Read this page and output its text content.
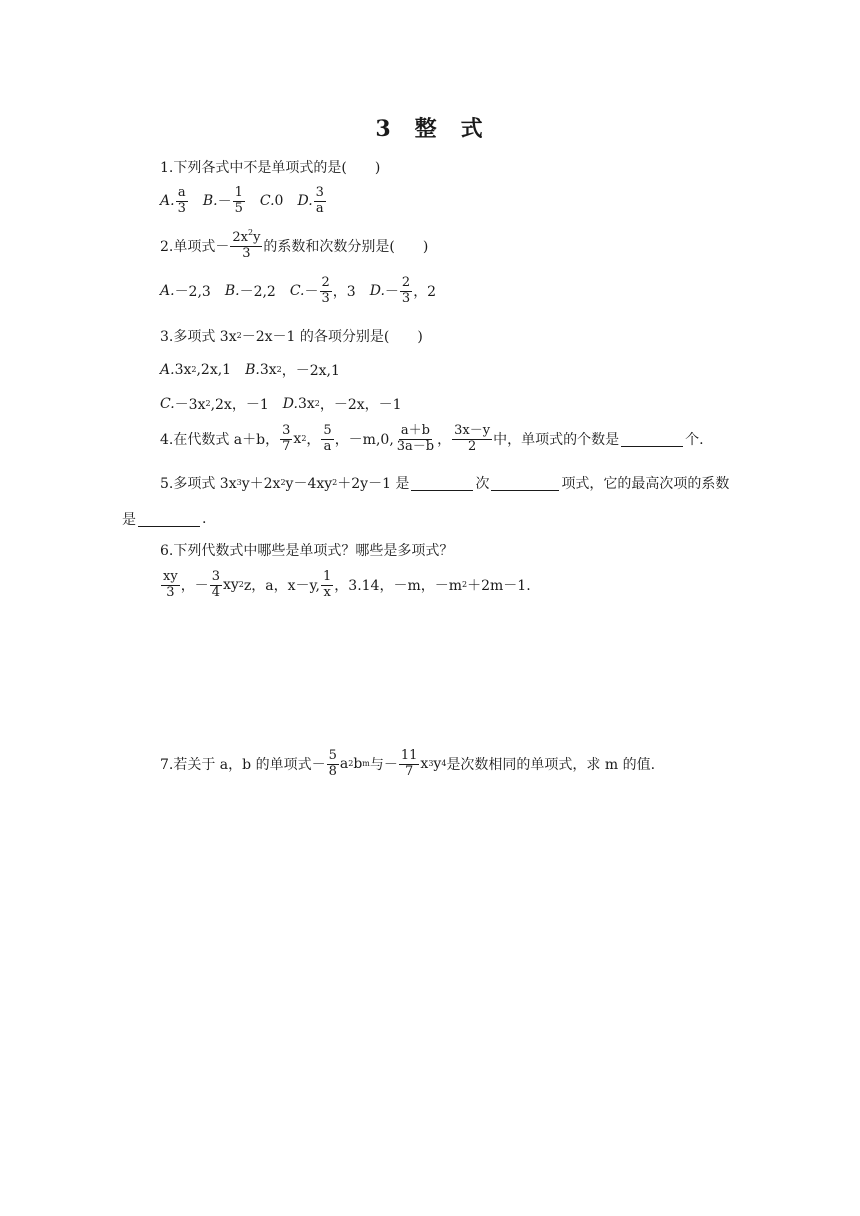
3 整 式
1.下列各式中不是单项式的是(　　)
A. $\frac{a}{3} B$. － $\frac{1}{5} C$. 0 D. $\frac{3}{a}$
2.单项式－ $\frac{2x^2y}{3}$ 的系数和次数分别是(　　)
A. －2,3 B. －2,2 C. － $\frac{2}{3}$ ，3 D. － $\frac{2}{3}$ ，2
3.多项式 3x 2 －2x－1 的各项分别是(　　)
A. 3x 2 ,2x,1 B. 3x 2 ，－2x,1
C. －3x 2 ,2x，－1 D. 3x 2 ，－2x，－1
4.在代数式 a＋b， $\frac{3}{7}$ x 2 ， $\frac{5}{a}$ ，－m,0, $\frac{a+b}{3a-b}$ ， $\frac{3x-y}{2}$ 中，单项式的个数是	个.
5.多项式 3x 3 y＋2x 2 y－4xy 2 ＋2y－1 是	次	项式，它的最高次项的系数
是	.
6.下列代数式中哪些是单项式？哪些是多项式？
$\frac{xy}{3}$ ，－ $\frac{3}{4}$ xy 2 z，a，x－y, $\frac{1}{x}$ ，3.14，－m，－m 2 ＋2m－1.
7.若关于 a，b 的单项式－ $\frac{5}{8}$ a 2 b m 与－ $\frac{11}{7}$ x 3 y 4 是次数相同的单项式，求 m 的值.
